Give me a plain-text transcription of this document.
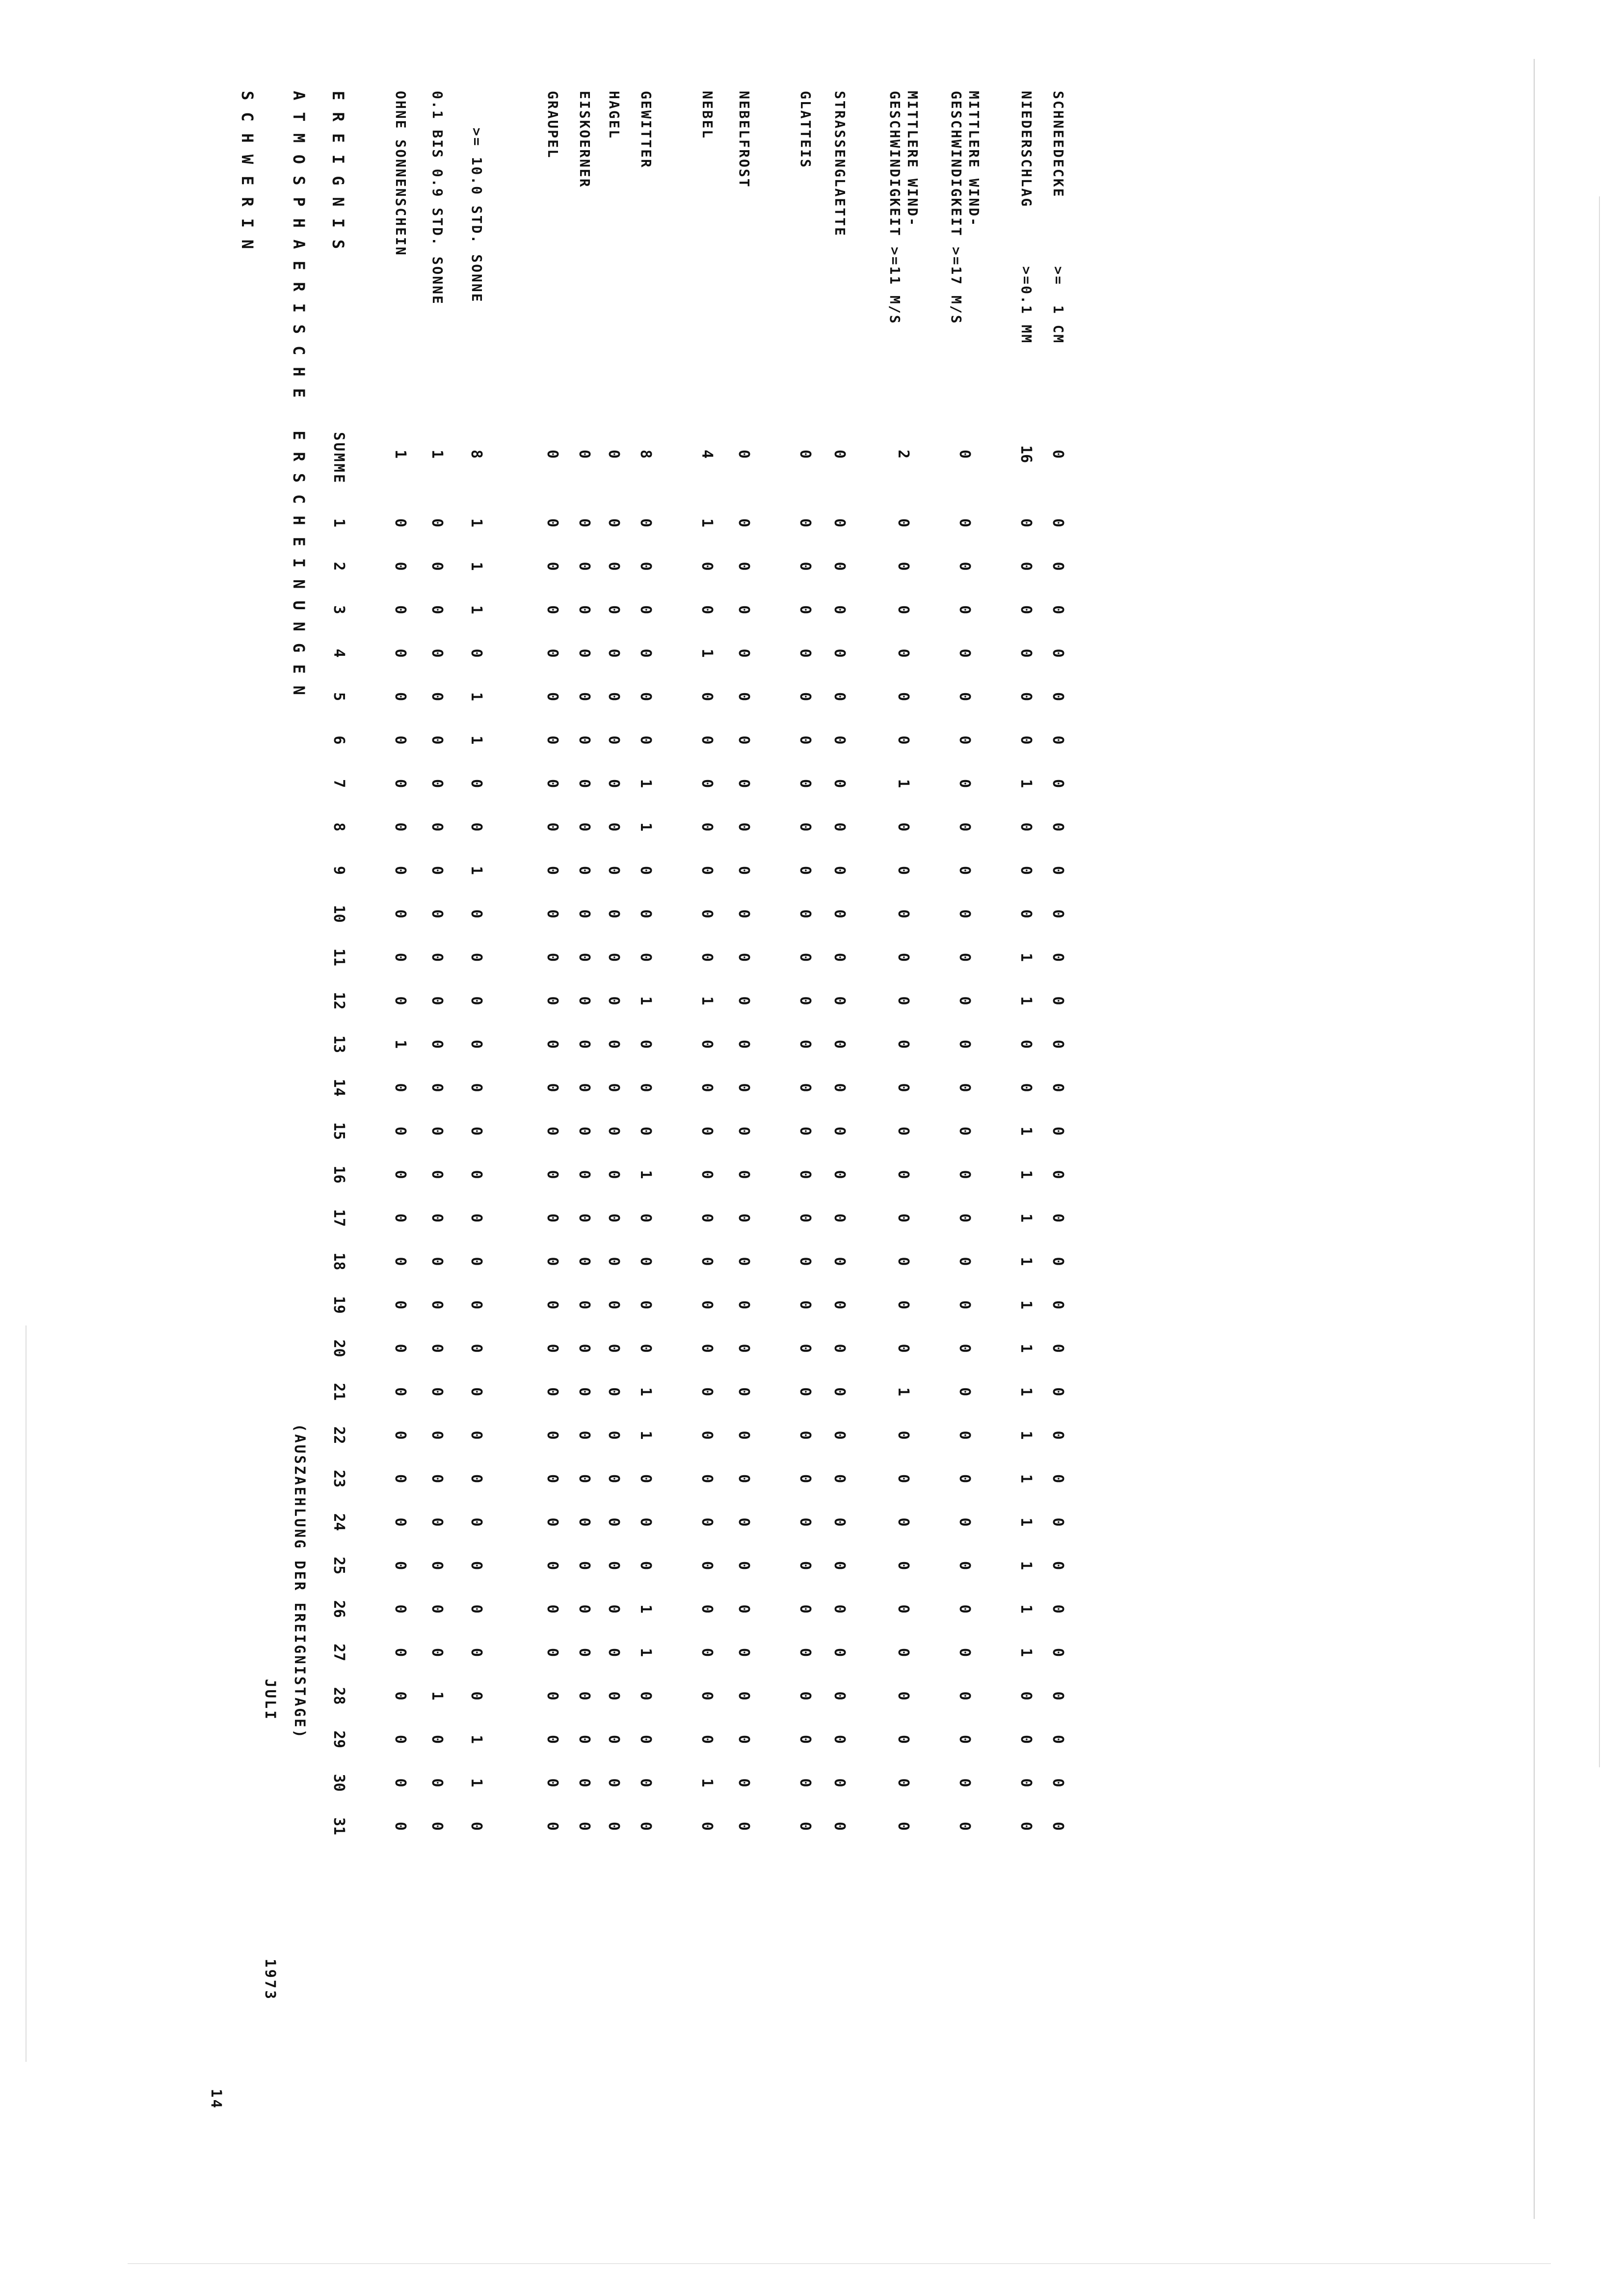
14
SCHWERIN
JULI
1973
ATMOSPHAERISCHE ERSCHEINUNGEN
(AUSZAEHLUNG DER EREIGNISTAGE)
EREIGNIS
SUMME
1
2
3
4
5
6
7
8
9
10
11
12
13
14
15
16
17
18
19
20
21
22
23
24
25
26
27
28
29
30
31
OHNE SONNENSCHEIN
1
0
0
0
0
0
0
0
0
0
0
0
0
1
0
0
0
0
0
0
0
0
0
0
0
0
0
0
0
0
0
0
0.1 BIS 0.9 STD. SONNE
1
0
0
0
0
0
0
0
0
0
0
0
0
0
0
0
0
0
0
0
0
0
0
0
0
0
0
0
1
0
0
0
>= 10.0 STD. SONNE
8
1
1
1
0
1
1
0
0
1
0
0
0
0
0
0
0
0
0
0
0
0
0
0
0
0
0
0
0
1
1
0
GRAUPEL
0
0
0
0
0
0
0
0
0
0
0
0
0
0
0
0
0
0
0
0
0
0
0
0
0
0
0
0
0
0
0
0
EISKOERNER
0
0
0
0
0
0
0
0
0
0
0
0
0
0
0
0
0
0
0
0
0
0
0
0
0
0
0
0
0
0
0
0
HAGEL
0
0
0
0
0
0
0
0
0
0
0
0
0
0
0
0
0
0
0
0
0
0
0
0
0
0
0
0
0
0
0
0
GEWITTER
8
0
0
0
0
0
0
1
1
0
0
0
1
0
0
0
1
0
0
0
0
1
1
0
0
0
1
1
0
0
0
0
NEBEL
4
1
0
0
1
0
0
0
0
0
0
0
1
0
0
0
0
0
0
0
0
0
0
0
0
0
0
0
0
0
1
0
NEBELFROST
0
0
0
0
0
0
0
0
0
0
0
0
0
0
0
0
0
0
0
0
0
0
0
0
0
0
0
0
0
0
0
0
GLATTEIS
0
0
0
0
0
0
0
0
0
0
0
0
0
0
0
0
0
0
0
0
0
0
0
0
0
0
0
0
0
0
0
0
STRASSENGLAETTE
0
0
0
0
0
0
0
0
0
0
0
0
0
0
0
0
0
0
0
0
0
0
0
0
0
0
0
0
0
0
0
0
MITTLERE WIND-
GESCHWINDIGKEIT >=11 M/S
2
0
0
0
0
0
0
1
0
0
0
0
0
0
0
0
0
0
0
0
0
1
0
0
0
0
0
0
0
0
0
0
MITTLERE WIND-
GESCHWINDIGKEIT >=17 M/S
0
0
0
0
0
0
0
0
0
0
0
0
0
0
0
0
0
0
0
0
0
0
0
0
0
0
0
0
0
0
0
0
NIEDERSCHLAG      >=0.1 MM
16
0
0
0
0
0
0
1
0
0
0
1
1
0
0
1
1
1
1
1
1
1
1
1
1
1
1
1
0
0
0
0
SCHNEEDECKE       >=  1 CM
0
0
0
0
0
0
0
0
0
0
0
0
0
0
0
0
0
0
0
0
0
0
0
0
0
0
0
0
0
0
0
0
